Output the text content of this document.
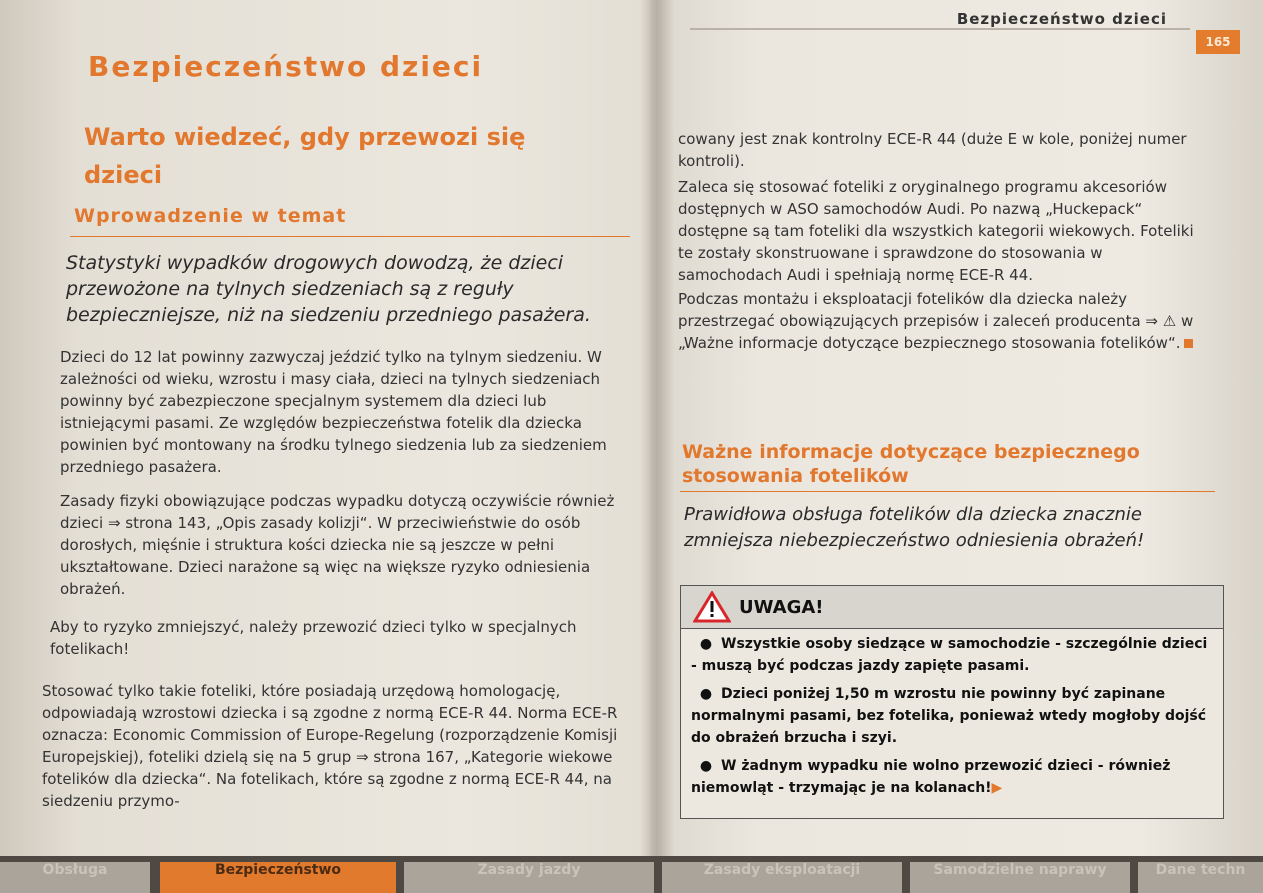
Bezpieczeństwo dzieci
165
Bezpieczeństwo dzieci
Warto wiedzeć, gdy przewozi się
dzieci
Wprowadzenie w temat
Statystyki wypadków drogowych dowodzą, że dzieci przewożone na tylnych siedzeniach są z reguły bezpieczniejsze, niż na siedzeniu przedniego pasażera.

Dzieci do 12 lat powinny zazwyczaj jeździć tylko na tylnym siedzeniu. W zależności od wieku, wzrostu i masy ciała, dzieci na tylnych siedzeniach powinny być zabezpieczone specjalnym systemem dla dzieci lub istniejącymi pasami. Ze względów bezpieczeństwa fotelik dla dziecka powinien być montowany na środku tylnego siedzenia lub za siedzeniem przedniego pasażera.

Zasady fizyki obowiązujące podczas wypadku dotyczą oczywiście również dzieci ⇒ strona 143, „Opis zasady kolizji“. W przeciwieństwie do osób dorosłych, mięśnie i struktura kości dziecka nie są jeszcze w pełni ukształtowane. Dzieci narażone są więc na większe ryzyko odniesienia obrażeń.

Aby to ryzyko zmniejszyć, należy przewozić dzieci tylko w specjalnych fotelikach!

Stosować tylko takie foteliki, które posiadają urzędową homologację, odpowiadają wzrostowi dziecka i są zgodne z normą ECE-R 44. Norma ECE-R oznacza: Economic Commission of Europe-Regelung (rozporządzenie Komisji Europejskiej), foteliki dzielą się na 5 grup ⇒ strona 167, „Kategorie wiekowe fotelików dla dziecka“. Na fotelikach, które są zgodne z normą ECE-R 44, na siedzeniu przymo-

cowany jest znak kontrolny ECE-R 44 (duże E w kole, poniżej numer kontroli).

Zaleca się stosować foteliki z oryginalnego programu akcesoriów dostępnych w ASO samochodów Audi. Po nazwą „Huckepack“ dostępne są tam foteliki dla wszystkich kategorii wiekowych. Foteliki te zostały skonstruowane i sprawdzone do stosowania w samochodach Audi i spełniają normę ECE-R 44.

Podczas montażu i eksploatacji fotelików dla dziecka należy przestrzegać obowiązujących przepisów i zaleceń producenta ⇒ ⚠ w „Ważne informacje dotyczące bezpiecznego stosowania fotelików“.

Ważne informacje dotyczące bezpiecznego
stosowania fotelików
Prawidłowa obsługa fotelików dla dziecka znacznie zmniejsza niebezpieczeństwo odniesienia obrażeń!
UWAGA!
● Wszystkie osoby siedzące w samochodzie - szczególnie dzieci - muszą być podczas jazdy zapięte pasami.
● Dzieci poniżej 1,50 m wzrostu nie powinny być zapinane normalnymi pasami, bez fotelika, ponieważ wtedy mogłoby dojść do obrażeń brzucha i szyi.
● W żadnym wypadku nie wolno przewozić dzieci - również niemowląt - trzymając je na kolanach!▶
Obsługa	Bezpieczeństwo	Zasady jazdy	Zasady eksploatacji	Samodzielne naprawy	Dane techn
